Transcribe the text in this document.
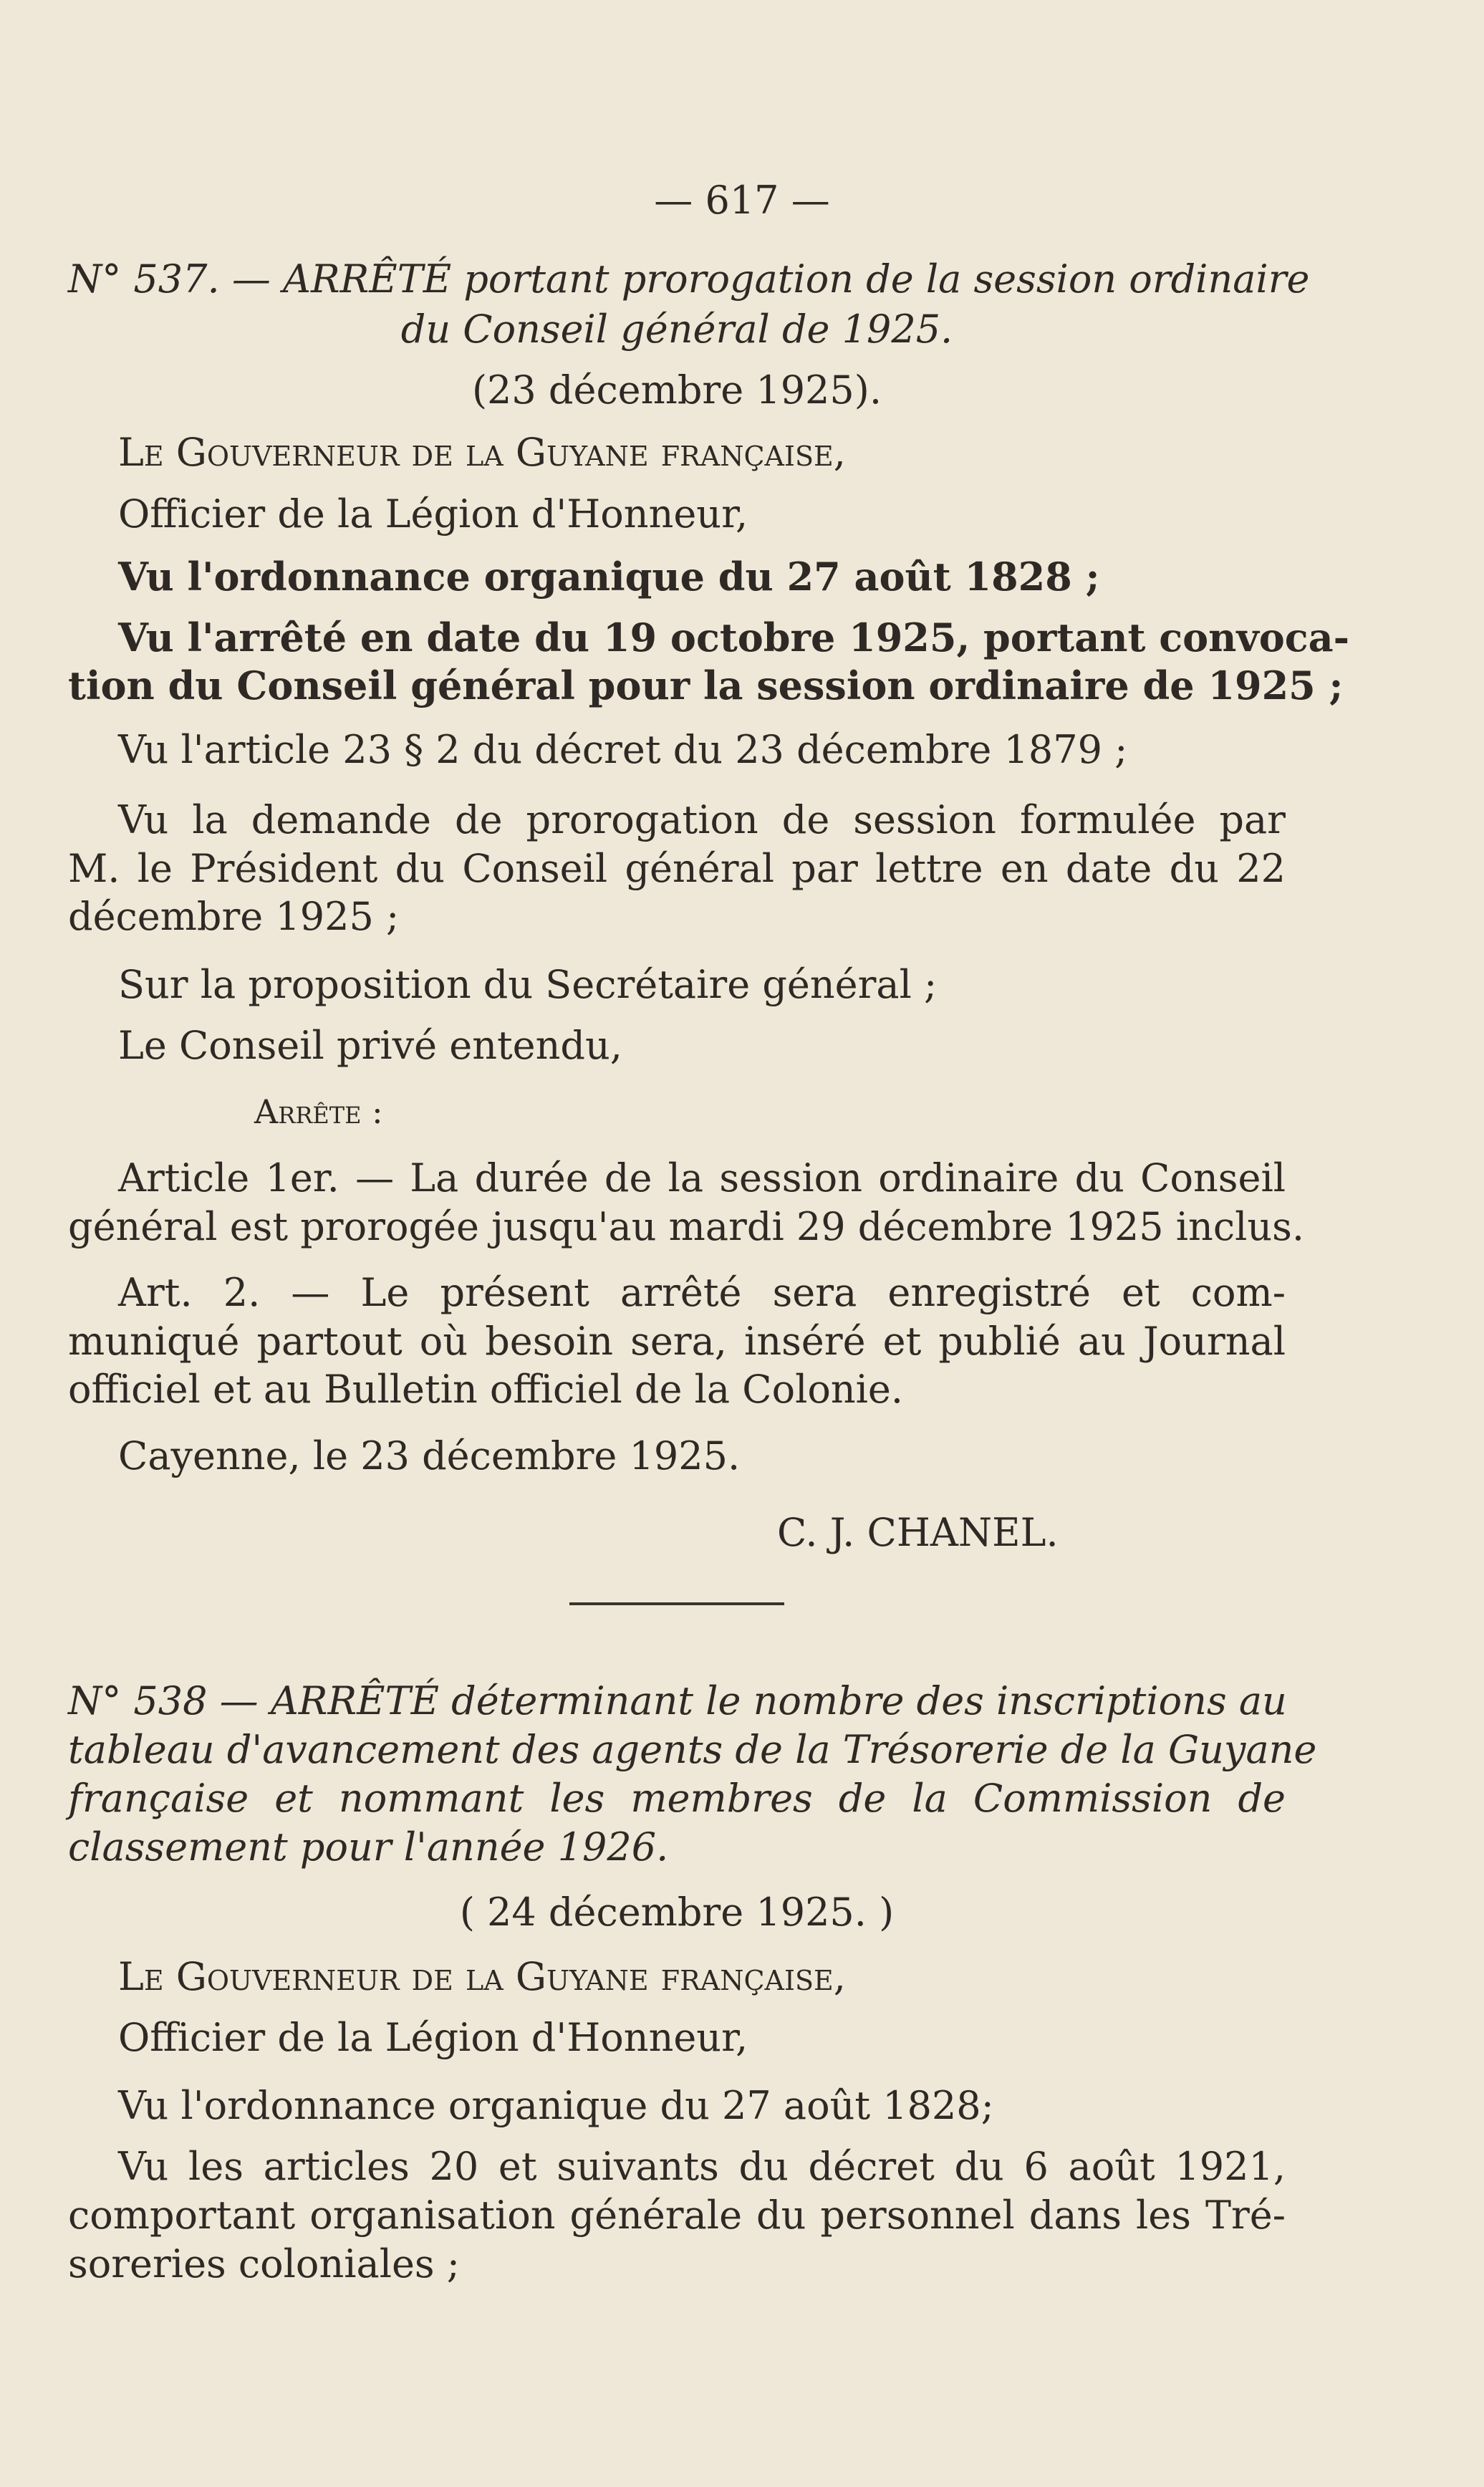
— 617 —
N° 537. — ARRÊTÉ portant prorogation de la session ordinaire
du Conseil général de 1925.
(23 décembre 1925).
Le Gouverneur de la Guyane française,
Officier de la Légion d'Honneur,
Vu l'ordonnance organique du 27 août 1828 ;
Vu l'arrêté en date du 19 octobre 1925, portant convoca-
tion du Conseil général pour la session ordinaire de 1925 ;
Vu l'article 23 § 2 du décret du 23 décembre 1879 ;
Vu la demande de prorogation de session formulée par
M. le Président du Conseil général par lettre en date du 22
décembre 1925 ;
Sur la proposition du Secrétaire général ;
Le Conseil privé entendu,
Arrête :
Article 1er. — La durée de la session ordinaire du Conseil
général est prorogée jusqu'au mardi 29 décembre 1925 inclus.
Art. 2. — Le présent arrêté sera enregistré et com-
muniqué partout où besoin sera, inséré et publié au Journal
officiel et au Bulletin officiel de la Colonie.
Cayenne, le 23 décembre 1925.
C. J. CHANEL.
N° 538 — ARRÊTÉ déterminant le nombre des inscriptions au
tableau d'avancement des agents de la Trésorerie de la Guyane
française et nommant les membres de la Commission de
classement pour l'année 1926.
( 24 décembre 1925. )
Le Gouverneur de la Guyane française,
Officier de la Légion d'Honneur,
Vu l'ordonnance organique du 27 août 1828;
Vu les articles 20 et suivants du décret du 6 août 1921,
comportant organisation générale du personnel dans les Tré-
soreries coloniales ;
